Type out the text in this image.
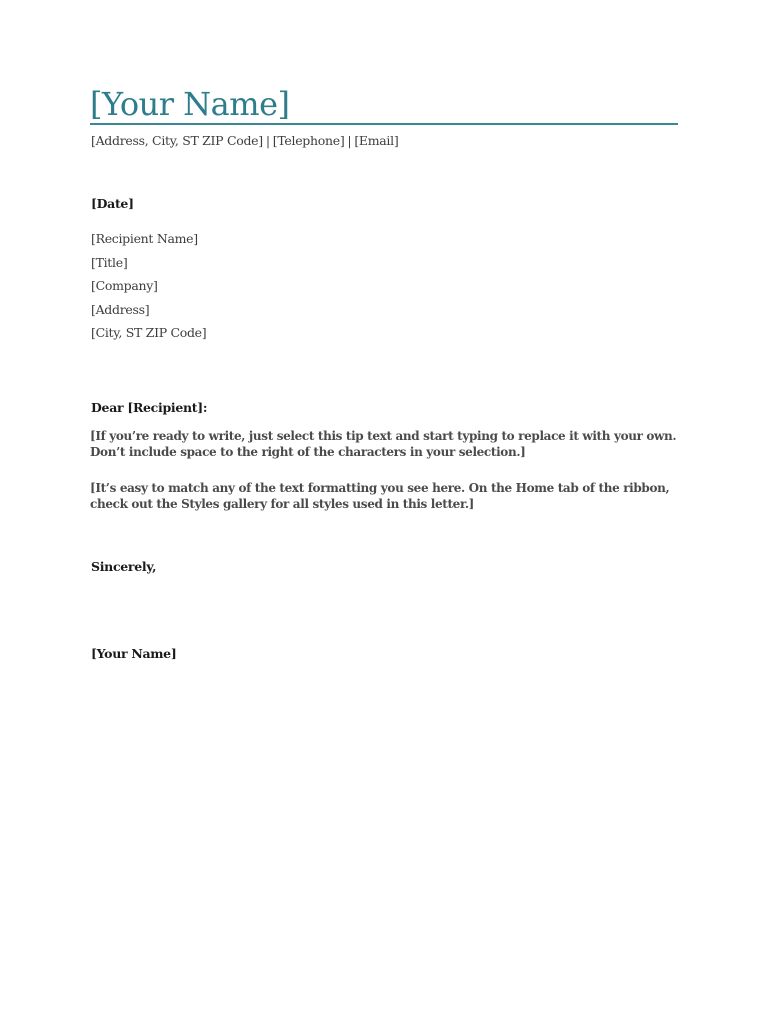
[Your Name]
[Address, City, ST ZIP Code] | [Telephone] | [Email]
[Date]
[Recipient Name]
[Title]
[Company]
[Address]
[City, ST ZIP Code]
Dear [Recipient]:
[If you’re ready to write, just select this tip text and start typing to replace it with your own. Don’t include space to the right of the characters in your selection.]
[It’s easy to match any of the text formatting you see here. On the Home tab of the ribbon, check out the Styles gallery for all styles used in this letter.]
Sincerely,
[Your Name]
